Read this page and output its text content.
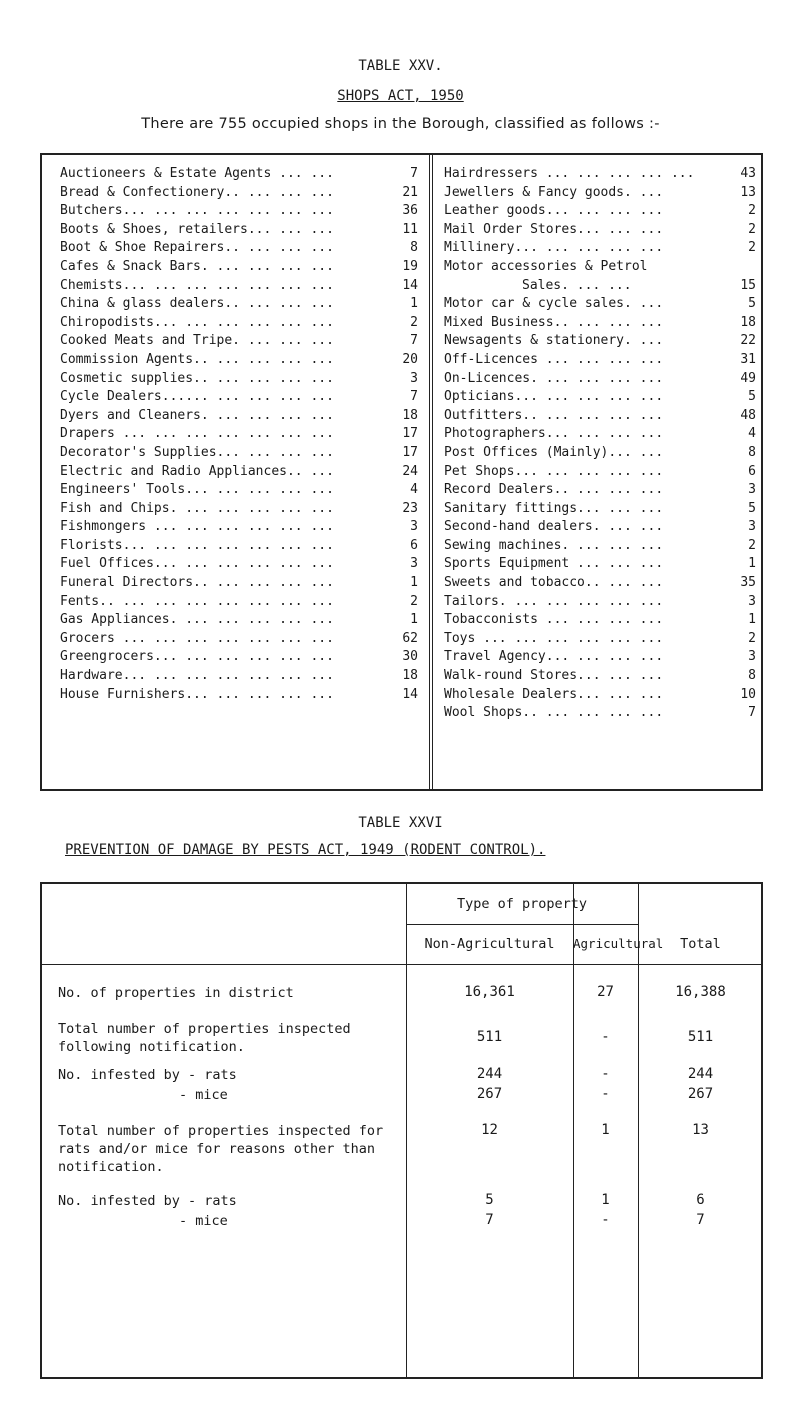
TABLE XXV.
SHOPS ACT, 1950
There are 755 occupied shops in the Borough, classified as follows :-
Auctioneers & Estate Agents ... ...	7
Bread & Confectionery.. ... ... ...	21
Butchers... ... ... ... ... ... ...	36
Boots & Shoes, retailers... ... ...	11
Boot & Shoe Repairers.. ... ... ...	8
Cafes & Snack Bars. ... ... ... ...	19
Chemists... ... ... ... ... ... ...	14
China & glass dealers.. ... ... ...	1
Chiropodists... ... ... ... ... ...	2
Cooked Meats and Tripe. ... ... ...	7
Commission Agents.. ... ... ... ...	20
Cosmetic supplies.. ... ... ... ...	3
Cycle Dealers...... ... ... ... ...	7
Dyers and Cleaners. ... ... ... ...	18
Drapers ... ... ... ... ... ... ...	17
Decorator's Supplies... ... ... ...	17
Electric and Radio Appliances.. ...	24
Engineers' Tools... ... ... ... ...	4
Fish and Chips. ... ... ... ... ...	23
Fishmongers ... ... ... ... ... ...	3
Florists... ... ... ... ... ... ...	6
Fuel Offices... ... ... ... ... ...	3
Funeral Directors.. ... ... ... ...	1
Fents.. ... ... ... ... ... ... ...	2
Gas Appliances. ... ... ... ... ...	1
Grocers ... ... ... ... ... ... ...	62
Greengrocers... ... ... ... ... ...	30
Hardware... ... ... ... ... ... ...	18
House Furnishers... ... ... ... ...	14
Hairdressers ... ... ... ... ...	43
Jewellers & Fancy goods. ...	13
Leather goods... ... ... ...	2
Mail Order Stores... ... ...	2
Millinery... ... ... ... ...	2
Motor accessories & Petrol
Sales. ... ...	15
Motor car & cycle sales. ...	5
Mixed Business.. ... ... ...	18
Newsagents & stationery. ...	22
Off-Licences ... ... ... ...	31
On-Licences. ... ... ... ...	49
Opticians... ... ... ... ...	5
Outfitters.. ... ... ... ...	48
Photographers... ... ... ...	4
Post Offices (Mainly)... ...	8
Pet Shops... ... ... ... ...	6
Record Dealers.. ... ... ...	3
Sanitary fittings... ... ...	5
Second-hand dealers. ... ...	3
Sewing machines. ... ... ...	2
Sports Equipment ... ... ...	1
Sweets and tobacco.. ... ...	35
Tailors. ... ... ... ... ...	3
Tobacconists ... ... ... ...	1
Toys ... ... ... ... ... ...	2
Travel Agency... ... ... ...	3
Walk-round Stores... ... ...	8
Wholesale Dealers... ... ...	10
Wool Shops.. ... ... ... ...	7
TABLE XXVI
PREVENTION OF DAMAGE BY PESTS ACT, 1949 (RODENT CONTROL).
Type of property
Non-Agricultural	Agricultural	Total
No. of properties in district	16,361	27	16,388
Total number of properties inspected following notification.
511	-	511
No. infested by - rats	244	-	244
- mice	267	-	267
Total number of properties inspected for rats and/or mice for reasons other than notification.
12	1	13
No. infested by - rats	5	1	6
- mice	7	-	7
